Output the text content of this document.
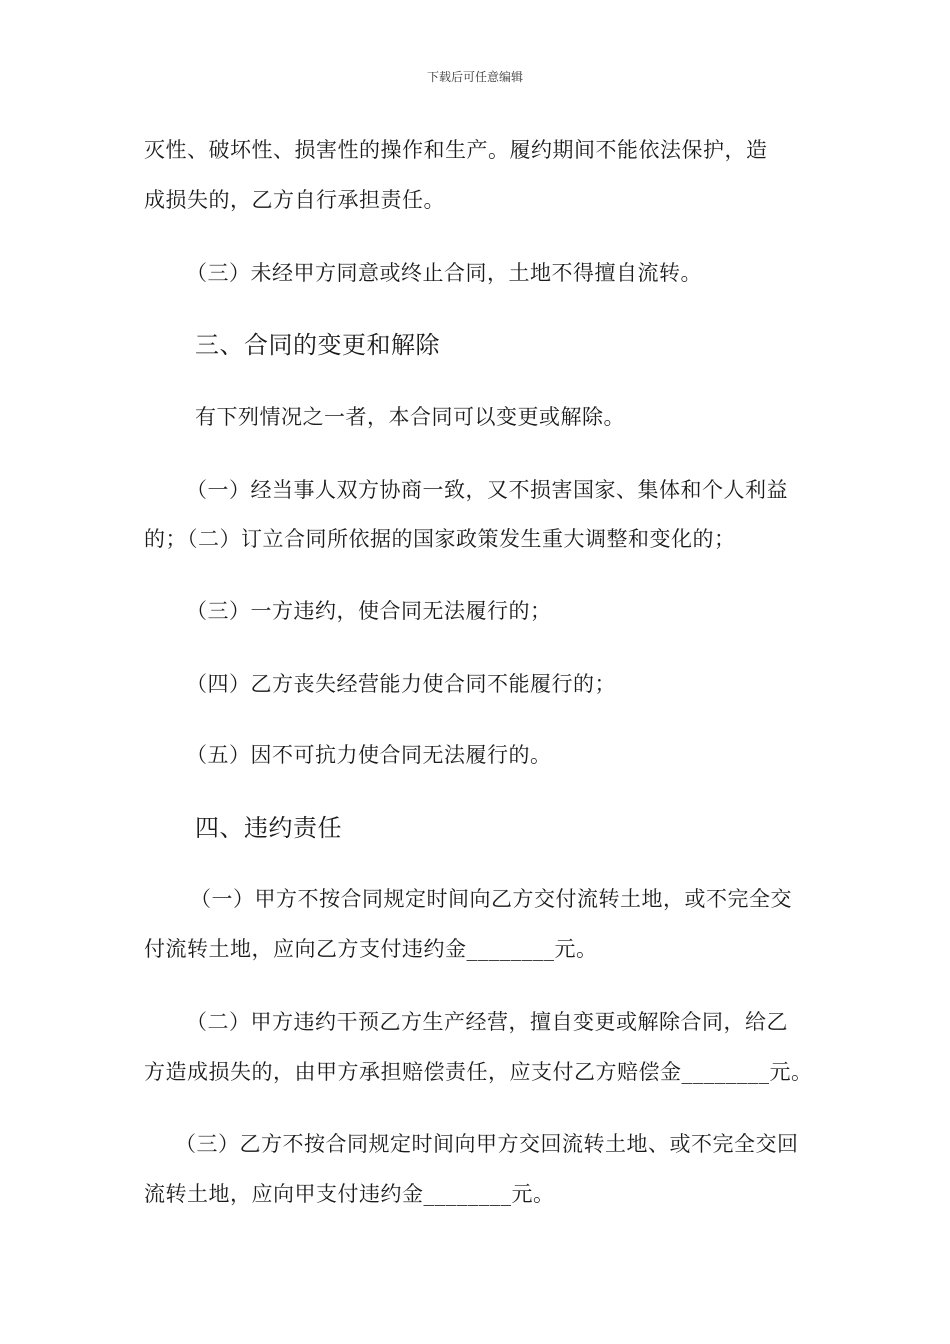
下载后可任意编辑
灭性、破坏性、损害性的操作和生产。履约期间不能依法保护，造
成损失的，乙方自行承担责任。
（三）未经甲方同意或终止合同，土地不得擅自流转。
三、合同的变更和解除
有下列情况之一者，本合同可以变更或解除。
（一）经当事人双方协商一致，又不损害国家、集体和个人利益
的；（二）订立合同所依据的国家政策发生重大调整和变化的；
（三）一方违约，使合同无法履行的；
（四）乙方丧失经营能力使合同不能履行的；
（五）因不可抗力使合同无法履行的。
四、违约责任
（一）甲方不按合同规定时间向乙方交付流转土地，或不完全交
付流转土地，应向乙方支付违约金________元。
（二）甲方违约干预乙方生产经营，擅自变更或解除合同，给乙
方造成损失的，由甲方承担赔偿责任，应支付乙方赔偿金________元。
（三）乙方不按合同规定时间向甲方交回流转土地、或不完全交回
流转土地，应向甲支付违约金________元。
